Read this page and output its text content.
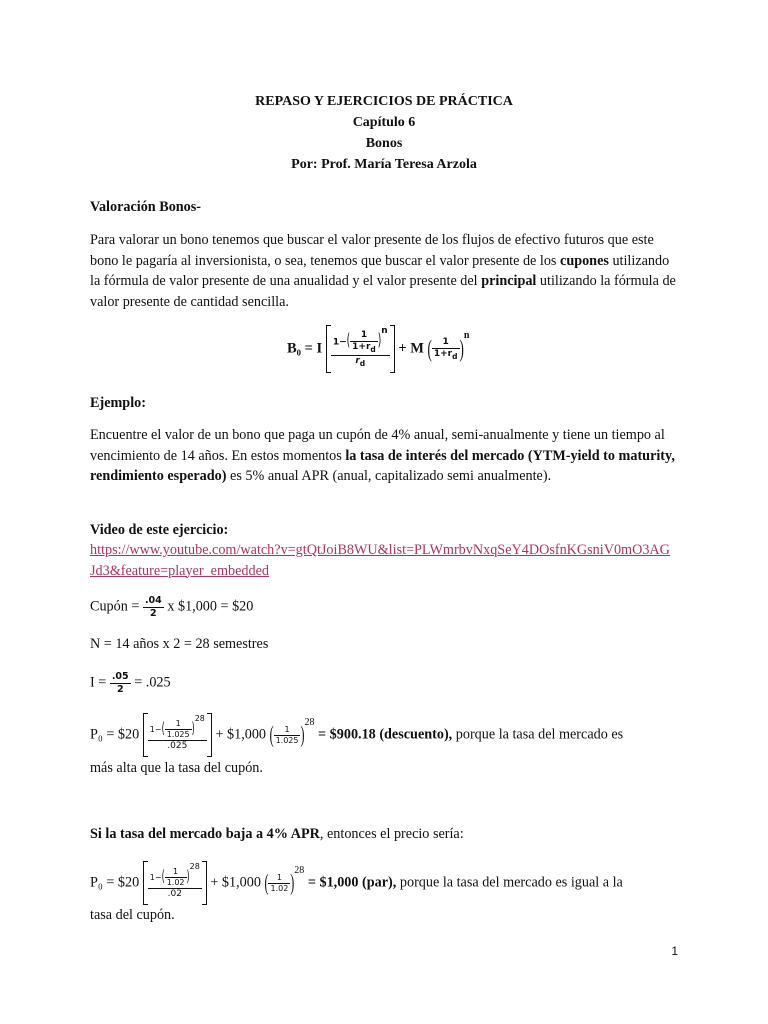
REPASO Y EJERCICIOS DE PRÁCTICA
Capítulo 6
Bonos
Por: Prof. María Teresa Arzola
Valoración Bonos-
Para valorar un bono tenemos que buscar el valor presente de los flujos de efectivo futuros que este bono le pagaría al inversionista, o sea, tenemos que buscar el valor presente de los cupones utilizando la fórmula de valor presente de una anualidad y el valor presente del principal utilizando la fórmula de valor presente de cantidad sencilla.
B₀ = I $\frac{1-( \frac{1}{1+r_d} )n}{r_d} + M$ ( $\frac{1}{1+r_d} )^n$
Ejemplo:
Encuentre el valor de un bono que paga un cupón de 4% anual, semi-anualmente y tiene un tiempo al vencimiento de 14 años. En estos momentos la tasa de interés del mercado (YTM-yield to maturity, rendimiento esperado) es 5% anual APR (anual, capitalizado semi anualmente).
Video de este ejercicio:
https://www.youtube.com/watch?v=gtQtJoiB8WU&list=PLWmrbvNxqSeY4DOsfnKGsniV0mO3AGJd3&feature=player_embedded
Cupón = $\frac{.04}{2}$ x $1,000 = $20
N = 14 años x 2 = 28 semestres
$I = \frac{.05}{2} = .025$
P₀ = $20 $\frac{1-( \frac{1}{1.025} )28}{.025}$ + $1,000 ( $\frac{1}{1.025} )^{28}$ = $900.18 (descuento), porque la tasa del mercado es
más alta que la tasa del cupón.
Si la tasa del mercado baja a 4% APR, entonces el precio sería:
P₀ = $20 $\frac{1-( \frac{1}{1.02} )28}{.02}$ + $1,000 ( $\frac{1}{1.02} )^{28}$ = $1,000 (par), porque la tasa del mercado es igual a la
tasa del cupón.
1
